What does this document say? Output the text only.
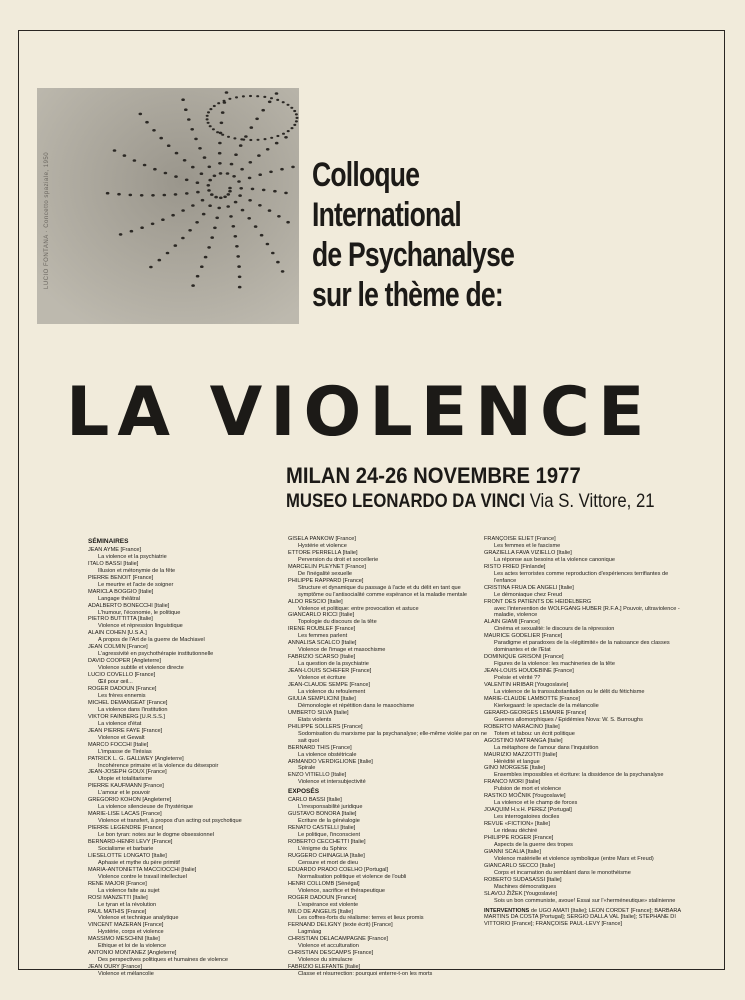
LUCIO FONTANA · Concetto spaziale, 1950	Colloque
International
de Psychanalyse
sur le thème de:
LA VIOLENCE
MILAN 24-26 NOVEMBRE 1977
MUSEO LEONARDO DA VINCI Via S. Vittore, 21
SÉMINAIRES
JEAN AYME [France]
La violence et la psychiatrie
ITALO BASSI [Italie]
Illusion et métonymie de la fête
PIERRE BENOIT [France]
Le meurtre et l'acte de soigner
MARICLA BOGGIO [Italie]
Langage théâtral
ADALBERTO BONECCHI [Italie]
L'humour, l'économie, le politique
PIETRO BUTTITTA [Italie]
Violence et répression linguistique
ALAIN COHEN [U.S.A.]
A propos de l'Art de la guerre de Machiavel
JEAN COLMIN [France]
L'agressivité en psychothérapie institutionnelle
DAVID COOPER [Angleterre]
Violence subtile et violence directe
LUCIO COVELLO [France]
Œil pour œil...
ROGER DADOUN [France]
Les frères ennemis
MICHEL DEMANGEAT [France]
La violence dans l'institution
VIKTOR FAINBERG [U.R.S.S.]
La violence d'état
JEAN PIERRE FAYE [France]
Violence et Gewalt
MARCO FOCCHI [Italie]
L'impasse de Tirésias
PATRICK L. G. GALLWEY [Angleterre]
Incohérence primaire et la violence du désespoir
JEAN-JOSEPH GOUX [France]
Utopie et totalitarisme
PIERRE KAUFMANN [France]
L'amour et le pouvoir
GREGORIO KOHON [Angleterre]
La violence silencieuse de l'hystérique
MARIE-LISE LACAS [France]
Violence et transfert, à propos d'un acting out psychotique
PIERRE LEGENDRE [France]
Le bon tyran: notes sur le dogme obsessionnel
BERNARD-HENRI LEVY [France]
Socialisme et barbarie
LIESELOTTE LONGATO [Italie]
Aphasie et mythe du père primitif
MARIA-ANTONIETTA MACCIOCCHI [Italie]
Violence contre le travail intellectuel
RENE MAJOR [France]
La violence faite au sujet
ROSI MANZETTI [Italie]
Le tyran et la révolution
PAUL MATHIS [France]
Violence et technique analytique
VINCENT MAZERAN [France]
Hystérie, corps et violence
MASSIMO MESCHINI [Italie]
Ethique et loi de la violence
ANTONIO MONTANEZ [Angleterre]
Des perspectives politiques et humaines de violence
JEAN OURY [France]
Violence et mélancolie
GISELA PANKOW [France]
Hystérie et violence
ETTORE PERRELLA [Italie]
Perversion du droit et sorcellerie
MARCELIN PLEYNET [France]
De l'inégalité sexuelle
PHILIPPE RAPPARD [France]
Structure et dynamique du passage à l'acte et du délit en tant que symptôme ou l'antisocialité comme espérance et la maladie mentale
ALDO RESCIO [Italie]
Violence et politique: entre provocation et astuce
GIANCARLO RICCI [Italie]
Topologie du discours de la tête
IRENE ROUBLEF [France]
Les femmes parlent
ANNALISA SCALCO [Italie]
Violence de l'image et masochisme
FABRIZIO SCARSO [Italie]
La question de la psychiatrie
JEAN-LOUIS SCHEFER [France]
Violence et écriture
JEAN-CLAUDE SEMPE [France]
La violence du refoulement
GIULIA SEMPLICINI [Italie]
Démonologie et répétition dans le masochisme
UMBERTO SILVA [Italie]
Etats violents
PHILIPPE SOLLERS [France]
Sodomisation du marxisme par la psychanalyse; elle-même violée par on ne sait quoi
BERNARD THIS [France]
La violence obstétricale
ARMANDO VERDIGLIONE [Italie]
Spirale
ENZO VITIELLO [Italie]
Violence et intersubjectivité
EXPOSÉS
CARLO BASSI [Italie]
L'irresponsabilité juridique
GUSTAVO BONORA [Italie]
Ecriture de la généalogie
RENATO CASTELLI [Italie]
Le politique, l'inconscient
ROBERTO CECCHETTI [Italie]
L'énigme du Sphinx
RUGGERO CHINAGLIA [Italie]
Censure et mort de dieu
EDUARDO PRADO COELHO [Portugal]
Normalisation politique et violence de l'oubli
HENRI COLLOMB [Sénégal]
Violence, sacrifice et thérapeutique
ROGER DADOUN [France]
L'espérance est violente
MILO DE ANGELIS [Italie]
Les coffres-forts du réalisme: terres et lieux promis
FERNAND DELIGNY (texte écrit) [France]
Lagmáag
CHRISTIAN DELACAMPAGNE [France]
Violence et acculturation
CHRISTIAN DESCAMPS [France]
Violence du simulacre
FABRIZIO ELEFANTE [Italie]
Classe et résurrection: pourquoi enterre-t-on les morts
FRANÇOISE ELIET [France]
Les femmes et le fascisme
GRAZIELLA FAVA VIZIELLO [Italie]
La réponse aux besoins et la violence canonique
RISTO FRIED [Finlande]
Les actes terroristes comme reproduction d'expériences terrifiantes de l'enfance
CRISTINA FRUA DE ANGELI [Italie]
Le démoniaque chez Freud
FRONT DES PATIENTS DE HEIDELBERG
avec l'intervention de WOLFGANG HUBER [R.F.A.] Pouvoir, ultraviolence - maladie, violence
ALAIN GIAMI [France]
Cinéma et sexualité: le discours de la répression
MAURICE GODELIER [France]
Paradigme et paradoxes de la «légitimité» de la naissance des classes dominantes et de l'Etat
DOMINIQUE GRISONI [France]
Figures de la violence: les machineries de la tête
JEAN-LOUIS HOUDEBINE [France]
Poésie et vérité ??
VALENTIN HRIBAR [Yougoslavie]
La violence de la transsubstantiation ou le délit du fétichisme
MARIE-CLAUDE LAMBOTTE [France]
Kierkegaard: le spectacle de la mélancolie
GERARD-GEORGES LEMAIRE [France]
Guerres allomorphiques / Epidémies Nova: W. S. Burroughs
ROBERTO MARACINO [Italie]
Totem et tabou: un écrit politique
AGOSTINO MATRANGA [Italie]
La métaphore de l'amour dans l'inquisition
MAURIZIO MAZZOTTI [Italie]
Hérédité et langue
GINO MORGESE [Italie]
Ensembles impossibles et écriture: la dissidence de la psychanalyse
FRANCO MORI [Italie]
Pulsion de mort et violence
RASTKO MOČNIK [Yougoslavie]
La violence et le champ de forces
JOAQUIM H.v.H. PEREZ [Portugal]
Les interrogatoires dociles
REVUE «FICTION» [Italie]
Le rideau déchiré
PHILIPPE ROGER [France]
Aspects de la guerre des tropes
GIANNI SCALIA [Italie]
Violence matérielle et violence symbolique (entre Marx et Freud)
GIANCARLO SECCO [Italie]
Corps et incarnation du semblant dans le monothéisme
ROBERTO SUDASASSI [Italie]
Machines démocratiques
SLAVOJ ŽIŽEK [Yougoslavie]
Sois un bon communiste, avoue! Essai sur l'«herméneutique» stalinienne
INTERVENTIONS de UGO AMATI [Italie]; LEON CORDET [France]; BARBARA MARTINS DA COSTA [Portugal]; SERGIO DALLA VAL [Italie]; STEPHANE DI VITTORIO [France]; FRANÇOISE PAUL-LEVY [France]
